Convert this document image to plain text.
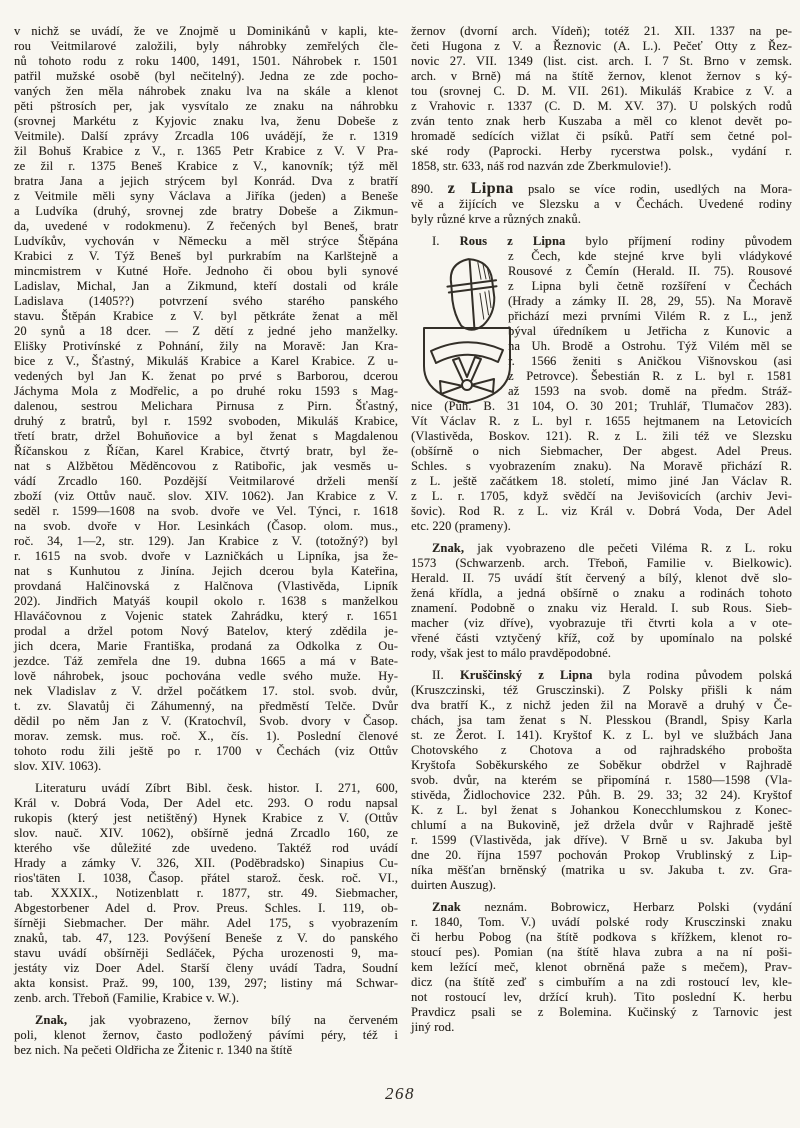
v nichž se uvádí, že ve Znojmě u Dominikánů v kapli, kte-
rou Veitmilarové založili, byly náhrobky zemřelých čle-
nů tohoto rodu z roku 1400, 1491, 1501. Náhrobek r. 1501
patřil mužské osobě (byl nečitelný). Jedna ze zde pocho-
vaných žen měla náhrobek znaku lva na skále a klenot
pěti pštrosích per, jak vysvítalo ze znaku na náhrobku
(srovnej Markétu z Kyjovic znaku lva, ženu Dobeše z
Veitmile). Další zprávy Zrcadla 106 uvádějí, že r. 1319
žil Bohuš Krabice z V., r. 1365 Petr Krabice z V. V Pra-
ze žil r. 1375 Beneš Krabice z V., kanovník; týž měl
bratra Jana a jejich strýcem byl Konrád. Dva z bratří
z Veitmile měli syny Václava a Jiříka (jeden) a Beneše
a Ludvíka (druhý, srovnej zde bratry Dobeše a Zikmun-
da, uvedené v rodokmenu). Z řečených byl Beneš, bratr
Ludvíkův, vychován v Německu a měl strýce Štěpána
Krabici z V. Týž Beneš byl purkrabím na Karlštejně a
mincmistrem v Kutné Hoře. Jednoho či obou byli synové
Ladislav, Michal, Jan a Zikmund, kteří dostali od krále
Ladislava (1405??) potvrzení svého starého panského
stavu. Štěpán Krabice z V. byl pětkráte ženat a měl
20 synů a 18 dcer. — Z dětí z jedné jeho manželky.
Elišky Protivínské z Pohnání, žily na Moravě: Jan Kra-
bice z V., Šťastný, Mikuláš Krabice a Karel Krabice. Z u-
vedených byl Jan K. ženat po prvé s Barborou, dcerou
Jáchyma Mola z Modřelic, a po druhé roku 1593 s Mag-
dalenou, sestrou Melichara Pirnusa z Pirn. Šťastný,
druhý z bratrů, byl r. 1592 svoboden, Mikuláš Krabice,
třetí bratr, držel Bohuňovice a byl ženat s Magdalenou
Říčanskou z Říčan, Karel Krabice, čtvrtý bratr, byl že-
nat s Alžbětou Měděncovou z Ratibořic, jak vesměs u-
vádí Zrcadlo 160. Pozdější Veitmilarové drželi menší
zboží (viz Ottův nauč. slov. XIV. 1062). Jan Krabice z V.
seděl r. 1599—1608 na svob. dvoře ve Vel. Týnci, r. 1618
na svob. dvoře v Hor. Lesinkách (Časop. olom. mus.,
roč. 34, 1—2, str. 129). Jan Krabice z V. (totožný?) byl
r. 1615 na svob. dvoře v Lazničkách u Lipníka, jsa že-
nat s Kunhutou z Jinína. Jejich dcerou byla Kateřina,
provdaná Halčinovská z Halčnova (Vlastivěda, Lipník
202). Jindřich Matyáš koupil okolo r. 1638 s manželkou
Hlaváčovnou z Vojenic statek Zahrádku, který r. 1651
prodal a držel potom Nový Batelov, který zdědila je-
jich dcera, Marie Františka, prodaná za Odkolka z Ou-
jezdce. Táž zemřela dne 19. dubna 1665 a má v Bate-
lově náhrobek, jsouc pochována vedle svého muže. Hy-
nek Vladislav z V. držel počátkem 17. stol. svob. dvůr,
t. zv. Slavatůj či Záhumenný, na předměstí Telče. Dvůr
dědil po něm Jan z V. (Kratochvíl, Svob. dvory v Časop.
morav. zemsk. mus. roč. X., čís. 1). Poslední členové
tohoto rodu žili ještě po r. 1700 v Čechách (viz Ottův
slov. XIV. 1063).
Literaturu uvádí Zíbrt Bibl. česk. histor. I. 271, 600,
Král v. Dobrá Voda, Der Adel etc. 293. O rodu napsal
rukopis (který jest netištěný) Hynek Krabice z V. (Ottův
slov. nauč. XIV. 1062), obšírně jedná Zrcadlo 160, ze
kterého vše důležité zde uvedeno. Taktéž rod uvádí
Hrady a zámky V. 326, XII. (Poděbradsko) Sinapius Cu-
rios'täten I. 1038, Časop. přátel starož. česk. roč. VI.,
tab. XXXIX., Notizenblatt r. 1877, str. 49. Siebmacher,
Abgestorbener Adel d. Prov. Preus. Schles. I. 119, ob-
šírněji Siebmacher. Der mähr. Adel 175, s vyobrazením
znaků, tab. 47, 123. Povýšení Beneše z V. do panského
stavu uvádí obšírněji Sedláček, Pýcha urozenosti 9, ma-
jestáty viz Doer Adel. Starší členy uvádí Tadra, Soudní
akta konsist. Praž. 99, 100, 139, 297; listiny má Schwar-
zenb. arch. Třeboň (Familie, Krabice v. W.).
Znak, jak vyobrazeno, žernov bílý na červeném
poli, klenot žernov, často podložený pávími péry, též i
bez nich. Na pečeti Oldřicha ze Žitenic r. 1340 na štítě
žernov (dvorní arch. Vídeň); totéž 21. XII. 1337 na pe-
četi Hugona z V. a Řeznovic (A. L.). Pečeť Otty z Řez-
novic 27. VII. 1349 (list. cist. arch. I. 7 St. Brno v zemsk.
arch. v Brně) má na štítě žernov, klenot žernov s ký-
tou (srovnej C. D. M. VII. 261). Mikuláš Krabice z V. a
z Vrahovic r. 1337 (C. D. M. XV. 37). U polských rodů
zván tento znak herb Kuszaba a měl co klenot devět po-
hromadě sedících vižlat či psíků. Patří sem četné pol-
ské rody (Paprocki. Herby rycerstwa polsk., vydání r.
1858, str. 633, náš rod nazván zde Zberkmulovie!).
890. z Lipna psalo se více rodin, usedlých na Mora-
vě a žijících ve Slezsku a v Čechách. Uvedené rodiny
byly různé krve a různých znaků.
I. Rous z Lipna bylo příjmení rodiny původem
z Čech, kde stejné krve byli vládykové
Rousové z Čemín (Herald. II. 75). Rousové
z Lipna byli četně rozšíření v Čechách
(Hrady a zámky II. 28, 29, 55). Na Moravě
přichází mezi prvními Vilém R. z L., jenž
býval úředníkem u Jetřicha z Kunovic a
na Uh. Brodě a Ostrohu. Týž Vilém měl se
r. 1566 ženiti s Aničkou Višnovskou (asi
z Petrovce). Šebestián R. z L. byl r. 1581
až 1593 na svob. domě na předm. Stráž-
nice (Půh. B. 31 104, O. 30 201; Truhlář, Tlumačov 283).
Vít Václav R. z L. byl r. 1655 hejtmanem na Letovicích
(Vlastivěda, Boskov. 121). R. z L. žili též ve Slezsku
(obšírně o nich Siebmacher, Der abgest. Adel Preus.
Schles. s vyobrazením znaku). Na Moravě přichází R.
z L. ještě začátkem 18. století, mimo jiné Jan Václav R.
z L. r. 1705, když svědčí na Jevišovicích (archiv Jevi-
šovic). Rod R. z L. viz Král v. Dobrá Voda, Der Adel
etc. 220 (prameny).
Znak, jak vyobrazeno dle pečeti Viléma R. z L. roku
1573 (Schwarzenb. arch. Třeboň, Familie v. Bielkowic).
Herald. II. 75 uvádí štít červený a bílý, klenot dvě slo-
žená křídla, a jedná obšírně o znaku a rodinách tohoto
znamení. Podobně o znaku viz Herald. I. sub Rous. Sieb-
macher (viz dříve), vyobrazuje tři čtvrti kola a v ote-
vřené části vztyčený kříž, což by upomínalo na polské
rody, však jest to málo pravděpodobné.
II. Kruščinský z Lipna byla rodina původem polská
(Kruszczinski, též Grusczinski). Z Polsky přišli k nám
dva bratří K., z nichž jeden žil na Moravě a druhý v Če-
chách, jsa tam ženat s N. Plesskou (Brandl, Spisy Karla
st. ze Žerot. I. 141). Kryštof K. z L. byl ve službách Jana
Chotovského z Chotova a od rajhradského probošta
Kryštofa Soběkurského ze Soběkur obdržel v Rajhradě
svob. dvůr, na kterém se připomíná r. 1580—1598 (Vla-
stivěda, Židlochovice 232. Půh. B. 29. 33; 32 24). Kryštof
K. z L. byl ženat s Johankou Konecchlumskou z Konec-
chlumí a na Bukovině, jež držela dvůr v Rajhradě ještě
r. 1599 (Vlastivěda, jak dříve). V Brně u sv. Jakuba byl
dne 20. října 1597 pochován Prokop Vrublinský z Lip-
níka měšťan brněnský (matrika u sv. Jakuba t. zv. Gra-
duirten Auszug).
Znak neznám. Bobrowicz, Herbarz Polski (vydání
r. 1840, Tom. V.) uvádí polské rody Krusczinski znaku
či herbu Pobog (na štítě podkova s křížkem, klenot ro-
stoucí pes). Pomian (na štítě hlava zubra a na ní poši-
kem ležící meč, klenot obrněná paže s mečem), Prav-
dicz (na štítě zeď s cimbuřím a na zdi rostoucí lev, kle-
not rostoucí lev, držící kruh). Tito poslední K. herbu
Pravdicz psali se z Bolemina. Kučinský z Tarnovic jest
jiný rod.
268
